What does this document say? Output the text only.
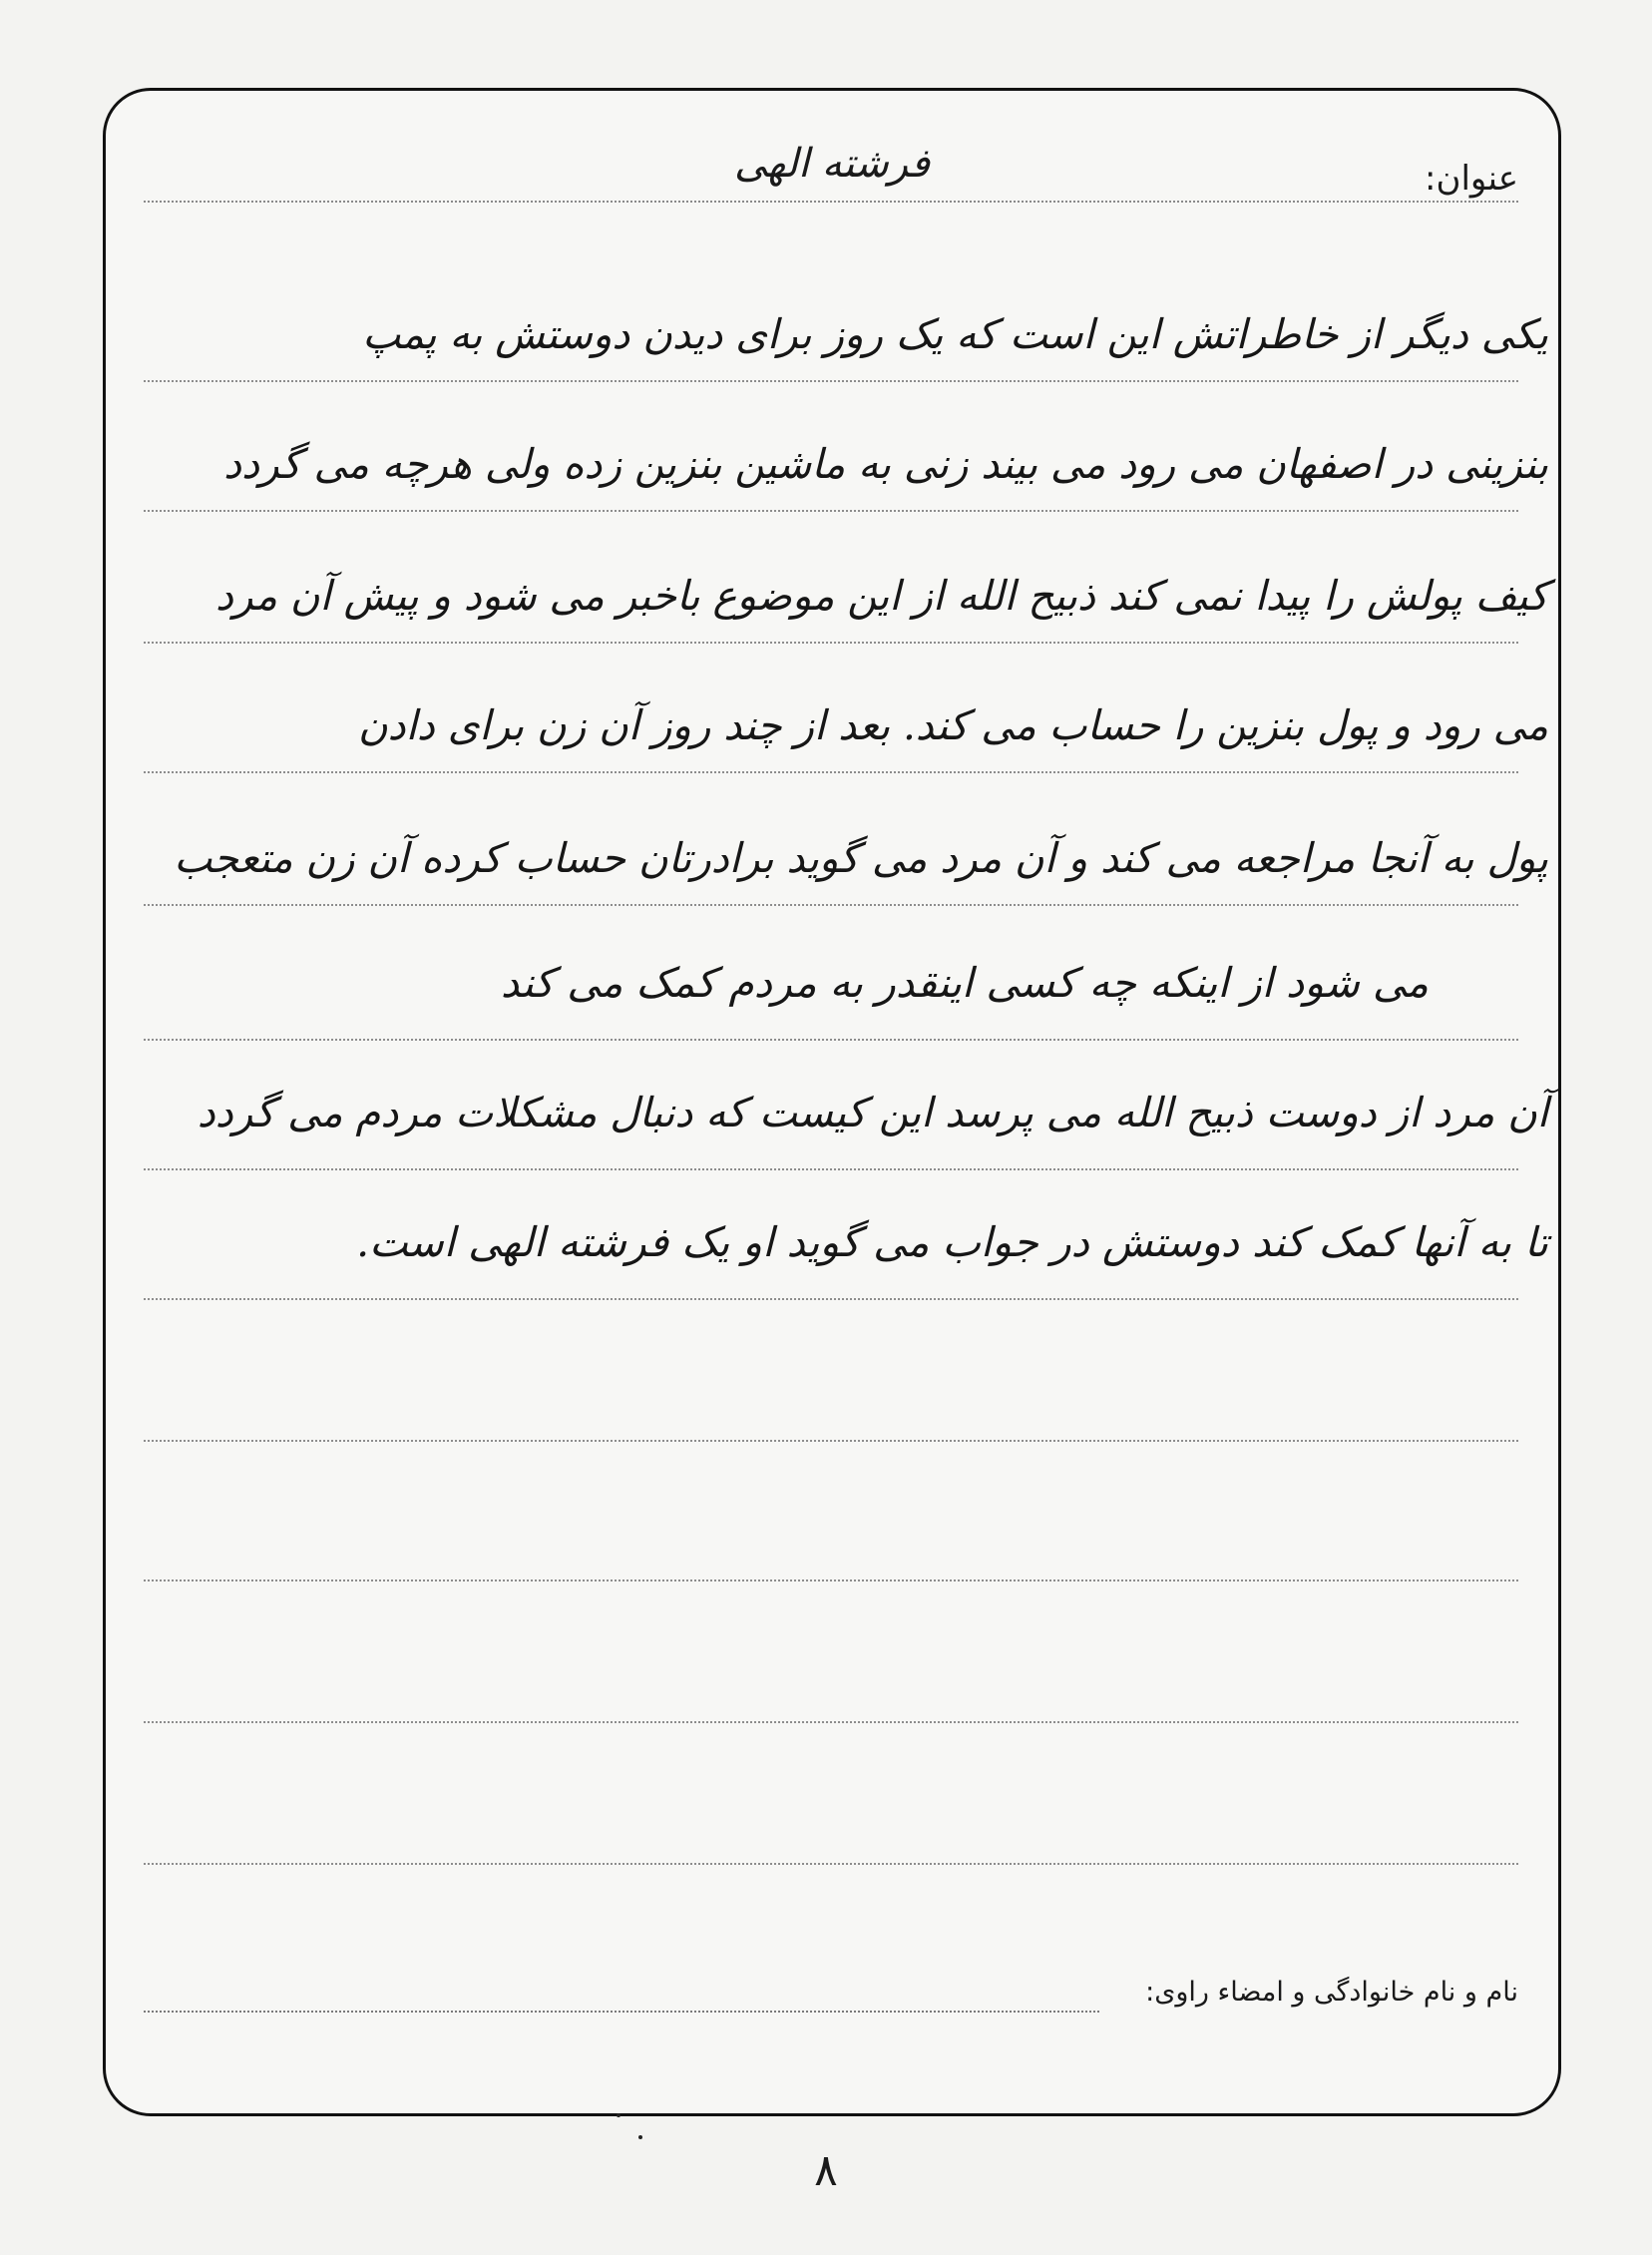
عنوان:
فرشته الهی
یکی دیگر از خاطراتش این است که یک روز برای دیدن دوستش به پمپ
بنزینی در اصفهان می رود می بیند زنی به ماشین بنزین زده ولی هرچه می گردد
کیف پولش را پیدا نمی کند ذبیح الله از این موضوع باخبر می شود و پیش آن مرد
می رود و پول بنزین را حساب می کند. بعد از چند روز آن زن برای دادن
پول به آنجا مراجعه می کند و آن مرد می گوید برادرتان حساب کرده آن زن متعجب
می شود از اینکه چه کسی اینقدر به مردم کمک می کند
آن مرد از دوست ذبیح الله می پرسد این کیست که دنبال مشکلات مردم می گردد
تا به آنها کمک کند دوستش در جواب می گوید او یک فرشته الهی است.
نام و نام خانوادگی و امضاء راوی:
۸
